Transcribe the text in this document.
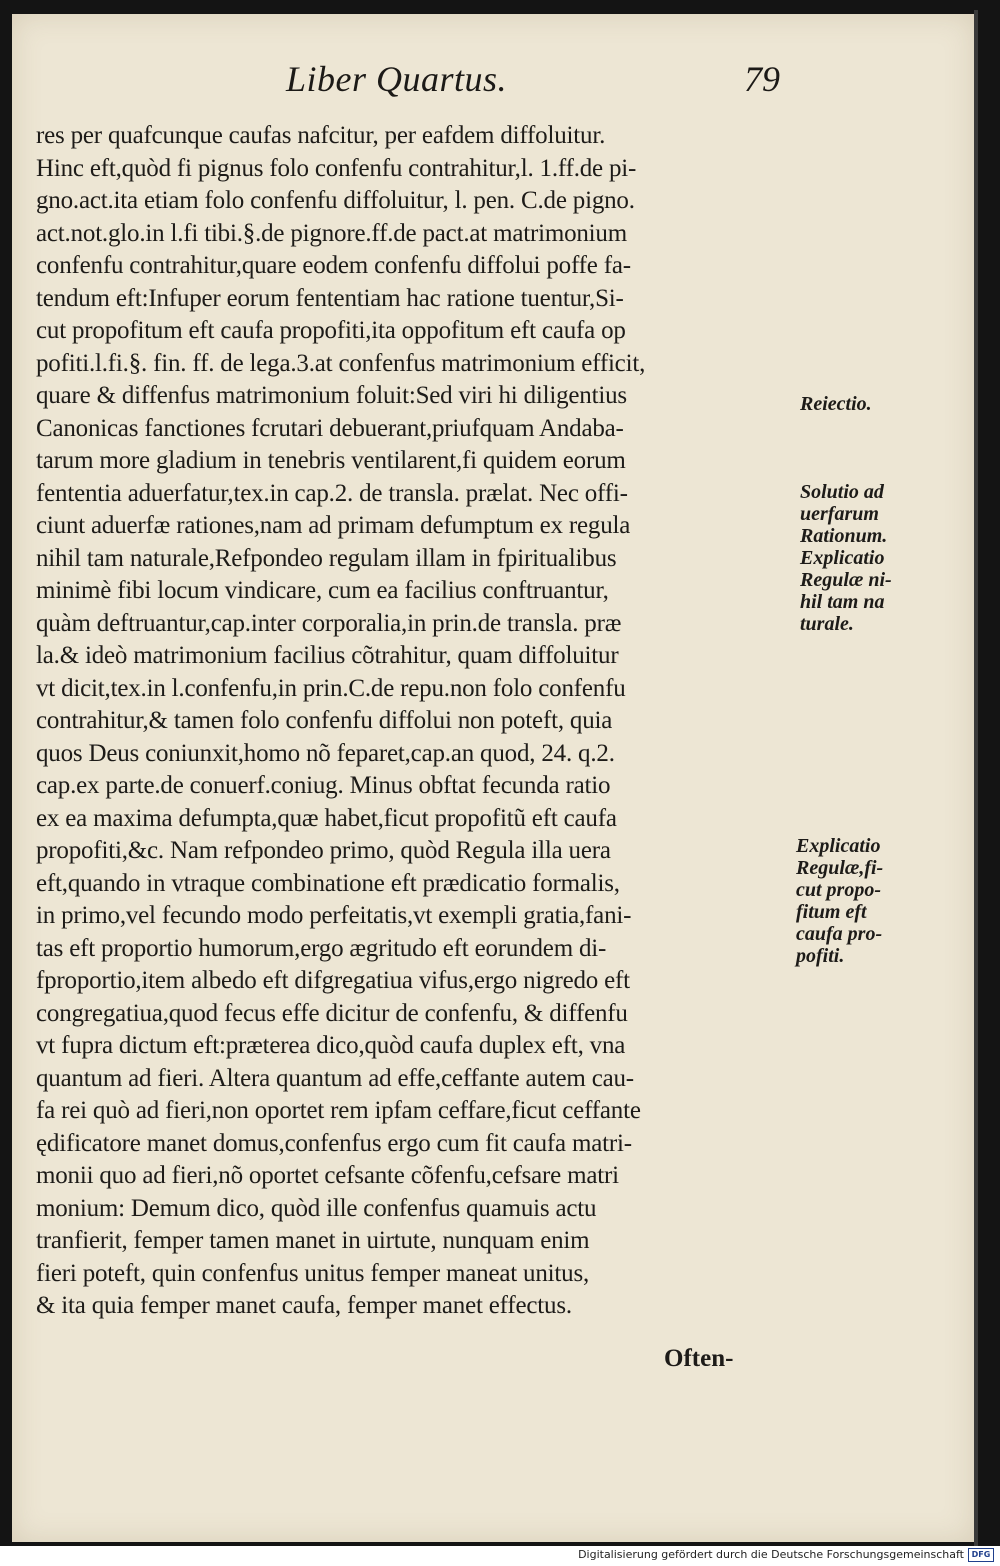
Liber Quartus.	79
res per quafcunque caufas nafcitur, per eafdem diffoluitur.
Hinc eft,quòd fi pignus folo confenfu contrahitur,l. 1.ff.de pi-
gno.act.ita etiam folo confenfu diffoluitur, l. pen. C.de pigno.
act.not.glo.in l.fi tibi.§.de pignore.ff.de pact.at matrimonium
confenfu contrahitur,quare eodem confenfu diffolui poffe fa-
tendum eft:Infuper eorum fententiam hac ratione tuentur,Si-
cut propofitum eft caufa propofiti,ita oppofitum eft caufa op
pofiti.l.fi.§. fin. ff. de lega.3.at confenfus matrimonium efficit,
quare & diffenfus matrimonium foluit:Sed viri hi diligentius
Canonicas fanctiones fcrutari debuerant,priufquam Andaba-
tarum more gladium in tenebris ventilarent,fi quidem eorum
fententia aduerfatur,tex.in cap.2. de transla. prælat. Nec offi-
ciunt aduerfæ rationes,nam ad primam defumptum ex regula
nihil tam naturale,Refpondeo regulam illam in fpiritualibus
minimè fibi locum vindicare, cum ea facilius conftruantur,
quàm deftruantur,cap.inter corporalia,in prin.de transla. præ
la.& ideò matrimonium facilius cõtrahitur, quam diffoluitur
vt dicit,tex.in l.confenfu,in prin.C.de repu.non folo confenfu
contrahitur,& tamen folo confenfu diffolui non poteft, quia
quos Deus coniunxit,homo nõ feparet,cap.an quod, 24. q.2.
cap.ex parte.de conuerf.coniug. Minus obftat fecunda ratio
ex ea maxima defumpta,quæ habet,ficut propofitũ eft caufa
propofiti,&c. Nam refpondeo primo, quòd Regula illa uera
eft,quando in vtraque combinatione eft prædicatio formalis,
in primo,vel fecundo modo perfeitatis,vt exempli gratia,fani-
tas eft proportio humorum,ergo ægritudo eft eorundem di-
fproportio,item albedo eft difgregatiua vifus,ergo nigredo eft
congregatiua,quod fecus effe dicitur de confenfu, & diffenfu
vt fupra dictum eft:præterea dico,quòd caufa duplex eft, vna
quantum ad fieri. Altera quantum ad effe,ceffante autem cau-
fa rei quò ad fieri,non oportet rem ipfam ceffare,ficut ceffante
ędificatore manet domus,confenfus ergo cum fit caufa matri-
monii quo ad fieri,nõ oportet cefsante cõfenfu,cefsare matri
monium: Demum dico, quòd ille confenfus quamuis actu
tranfierit, femper tamen manet in uirtute, nunquam enim
fieri poteft, quin confenfus unitus femper maneat unitus,
& ita quia femper manet caufa, femper manet effectus.
Often-
Reiectio.
Solutio ad
uerfarum
Rationum.
Explicatio
Regulæ ni-
hil tam na
turale.
Explicatio
Regulæ,fi-
cut propo-
fitum eft
caufa pro-
pofiti.
Digitalisierung gefördert durch die Deutsche Forschungsgemeinschaft DFG
